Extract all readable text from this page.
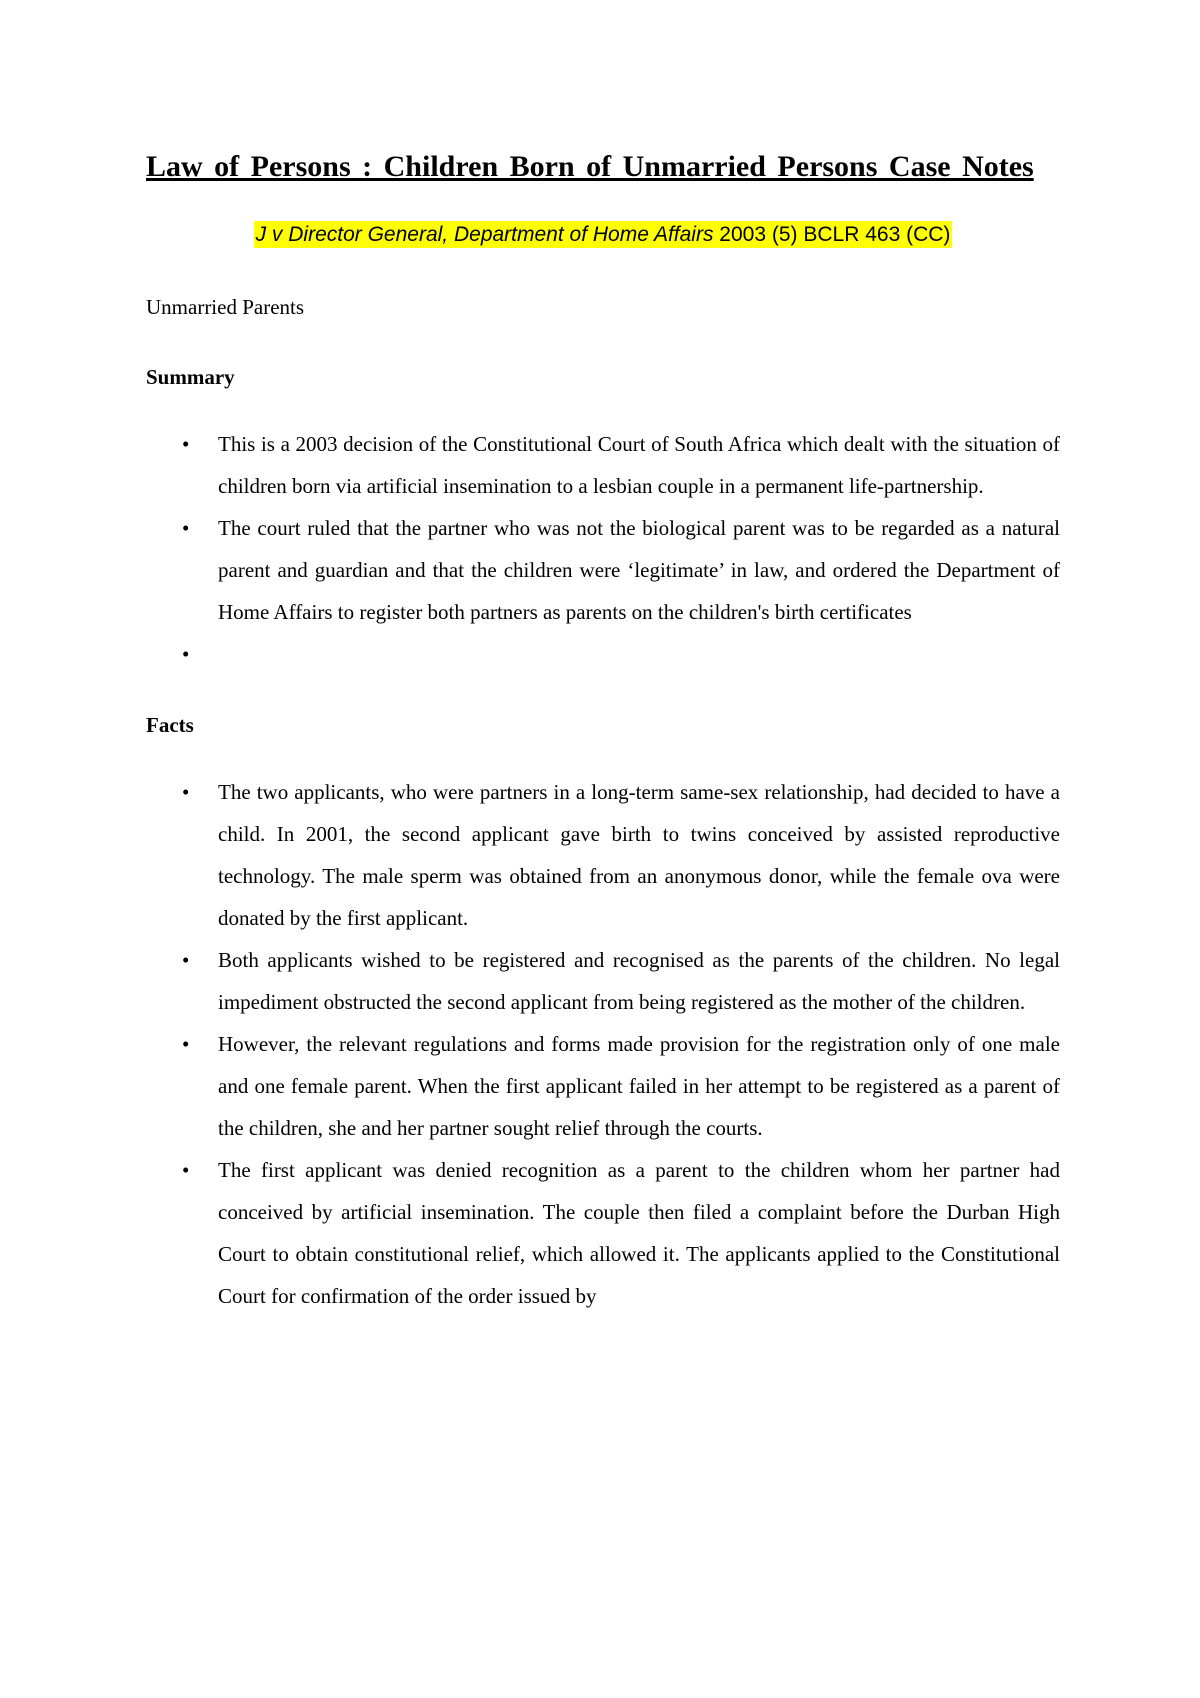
Law of Persons : Children Born of Unmarried Persons Case Notes
J v Director General, Department of Home Affairs 2003 (5) BCLR 463 (CC)
Unmarried Parents
Summary
• This is a 2003 decision of the Constitutional Court of South Africa which dealt with the situation of children born via artificial insemination to a lesbian couple in a permanent life-partnership.
• The court ruled that the partner who was not the biological parent was to be regarded as a natural parent and guardian and that the children were ‘legitimate’ in law, and ordered the Department of Home Affairs to register both partners as parents on the children's birth certificates
•
Facts
• The two applicants, who were partners in a long-term same-sex relationship, had decided to have a child. In 2001, the second applicant gave birth to twins conceived by assisted reproductive technology. The male sperm was obtained from an anonymous donor, while the female ova were donated by the first applicant.
• Both applicants wished to be registered and recognised as the parents of the children. No legal impediment obstructed the second applicant from being registered as the mother of the children.
• However, the relevant regulations and forms made provision for the registration only of one male and one female parent. When the first applicant failed in her attempt to be registered as a parent of the children, she and her partner sought relief through the courts.
• The first applicant was denied recognition as a parent to the children whom her partner had conceived by artificial insemination. The couple then filed a complaint before the Durban High Court to obtain constitutional relief, which allowed it. The applicants applied to the Constitutional Court for confirmation of the order issued by
